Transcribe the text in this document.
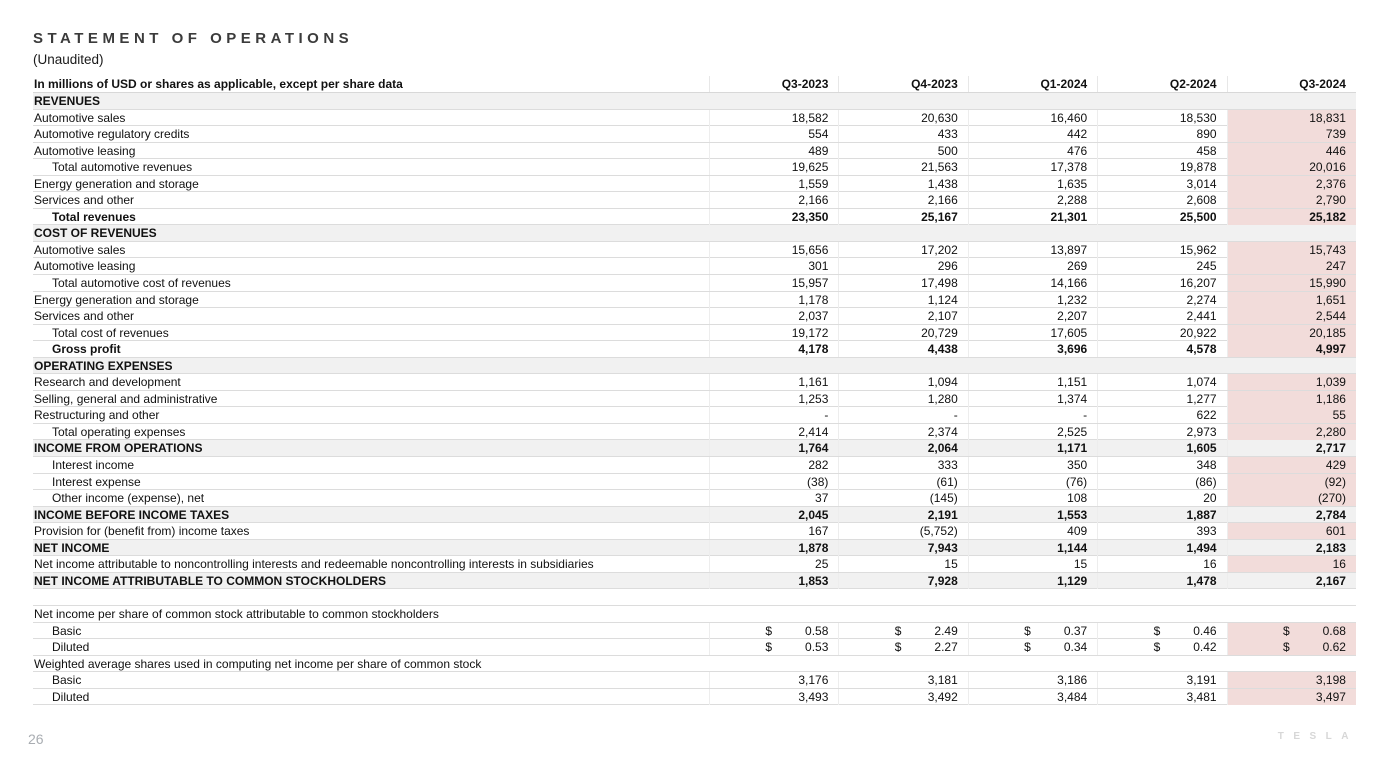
STATEMENT OF OPERATIONS
(Unaudited)
In millions of USD or shares as applicable, except per share data	Q3-2023	Q4-2023	Q1-2024	Q2-2024	Q3-2024
REVENUES
Automotive sales	18,582	20,630	16,460	18,530	18,831
Automotive regulatory credits	554	433	442	890	739
Automotive leasing	489	500	476	458	446
Total automotive revenues	19,625	21,563	17,378	19,878	20,016
Energy generation and storage	1,559	1,438	1,635	3,014	2,376
Services and other	2,166	2,166	2,288	2,608	2,790
Total revenues	23,350	25,167	21,301	25,500	25,182
COST OF REVENUES
Automotive sales	15,656	17,202	13,897	15,962	15,743
Automotive leasing	301	296	269	245	247
Total automotive cost of revenues	15,957	17,498	14,166	16,207	15,990
Energy generation and storage	1,178	1,124	1,232	2,274	1,651
Services and other	2,037	2,107	2,207	2,441	2,544
Total cost of revenues	19,172	20,729	17,605	20,922	20,185
Gross profit	4,178	4,438	3,696	4,578	4,997
OPERATING EXPENSES
Research and development	1,161	1,094	1,151	1,074	1,039
Selling, general and administrative	1,253	1,280	1,374	1,277	1,186
Restructuring and other	-	-	-	622	55
Total operating expenses	2,414	2,374	2,525	2,973	2,280
INCOME FROM OPERATIONS	1,764	2,064	1,171	1,605	2,717
Interest income	282	333	350	348	429
Interest expense	(38)	(61)	(76)	(86)	(92)
Other income (expense), net	37	(145)	108	20	(270)
INCOME BEFORE INCOME TAXES	2,045	2,191	1,553	1,887	2,784
Provision for (benefit from) income taxes	167	(5,752)	409	393	601
NET INCOME	1,878	7,943	1,144	1,494	2,183
Net income attributable to noncontrolling interests and redeemable noncontrolling interests in subsidiaries	25	15	15	16	16
NET INCOME ATTRIBUTABLE TO COMMON STOCKHOLDERS	1,853	7,928	1,129	1,478	2,167
Net income per share of common stock attributable to common stockholders
Basic	$	0.58	$	2.49	$	0.37	$	0.46	$	0.68
Diluted	$	0.53	$	2.27	$	0.34	$	0.42	$	0.62
Weighted average shares used in computing net income per share of common stock
Basic	3,176	3,181	3,186	3,191	3,198
Diluted	3,493	3,492	3,484	3,481	3,497
26	TESLA
